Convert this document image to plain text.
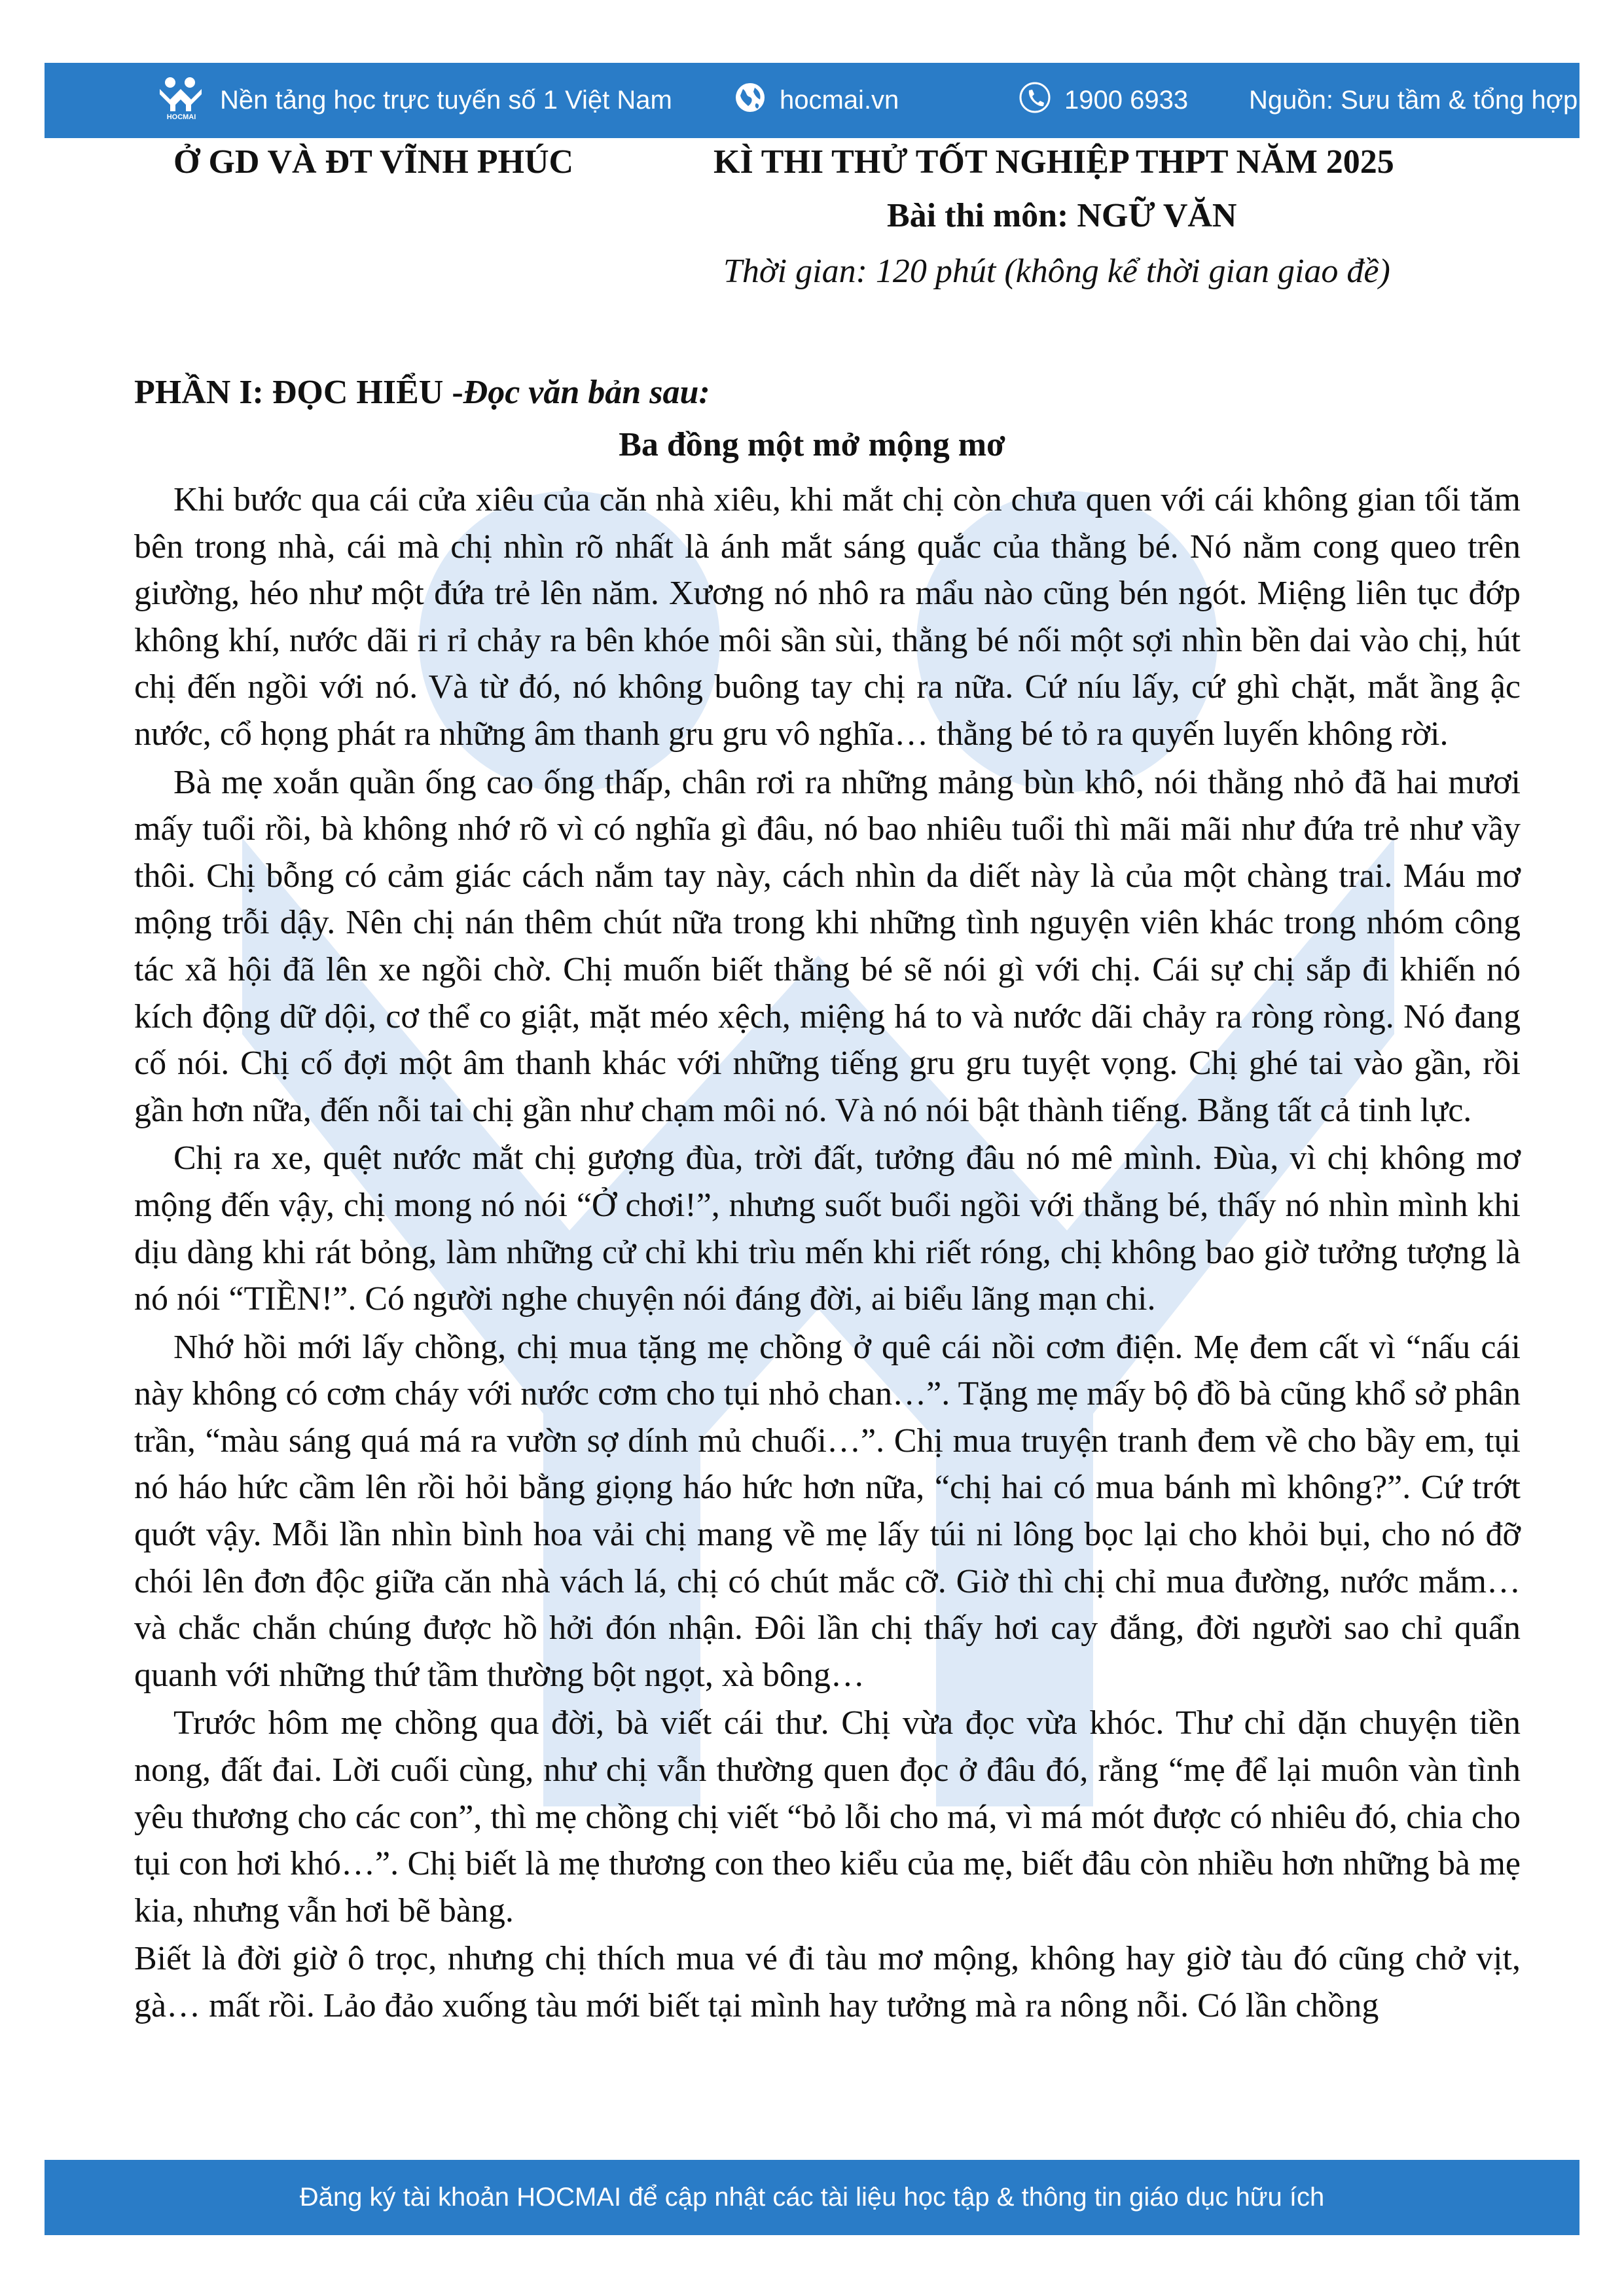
HOCMAI
Nền tảng học trực tuyến số 1 Việt Nam	hocmai.vn	1900 6933 Nguồn: Sưu tầm & tổng hợp
Ở GD VÀ ĐT VĨNH PHÚC	KÌ THI THỬ TỐT NGHIỆP THPT NĂM 2025
Bài thi môn: NGỮ VĂN
Thời gian: 120 phút (không kể thời gian giao đề)
PHẦN I: ĐỌC HIỂU -Đọc văn bản sau:
Ba đồng một mở mộng mơ

Khi bước qua cái cửa xiêu của căn nhà xiêu, khi mắt chị còn chưa quen với cái không gian tối tăm bên trong nhà, cái mà chị nhìn rõ nhất là ánh mắt sáng quắc của thằng bé. Nó nằm cong queo trên giường, héo như một đứa trẻ lên năm. Xương nó nhô ra mẩu nào cũng bén ngót. Miệng liên tục đớp không khí, nước dãi ri rỉ chảy ra bên khóe môi sần sùi, thằng bé nối một sợi nhìn bền dai vào chị, hút chị đến ngồi với nó. Và từ đó, nó không buông tay chị ra nữa. Cứ níu lấy, cứ ghì chặt, mắt ầng ậc nước, cổ họng phát ra những âm thanh gru gru vô nghĩa… thằng bé tỏ ra quyến luyến không rời.

Bà mẹ xoắn quần ống cao ống thấp, chân rơi ra những mảng bùn khô, nói thằng nhỏ đã hai mươi mấy tuổi rồi, bà không nhớ rõ vì có nghĩa gì đâu, nó bao nhiêu tuổi thì mãi mãi như đứa trẻ như vầy thôi. Chị bỗng có cảm giác cách nắm tay này, cách nhìn da diết này là của một chàng trai. Máu mơ mộng trỗi dậy. Nên chị nán thêm chút nữa trong khi những tình nguyện viên khác trong nhóm công tác xã hội đã lên xe ngồi chờ. Chị muốn biết thằng bé sẽ nói gì với chị. Cái sự chị sắp đi khiến nó kích động dữ dội, cơ thể co giật, mặt méo xệch, miệng há to và nước dãi chảy ra ròng ròng. Nó đang cố nói. Chị cố đợi một âm thanh khác với những tiếng gru gru tuyệt vọng. Chị ghé tai vào gần, rồi gần hơn nữa, đến nỗi tai chị gần như chạm môi nó. Và nó nói bật thành tiếng. Bằng tất cả tinh lực.

Chị ra xe, quệt nước mắt chị gượng đùa, trời đất, tưởng đâu nó mê mình. Đùa, vì chị không mơ mộng đến vậy, chị mong nó nói “Ở chơi!”, nhưng suốt buổi ngồi với thằng bé, thấy nó nhìn mình khi dịu dàng khi rát bỏng, làm những cử chỉ khi trìu mến khi riết róng, chị không bao giờ tưởng tượng là nó nói “TIỀN!”. Có người nghe chuyện nói đáng đời, ai biểu lãng mạn chi.

Nhớ hồi mới lấy chồng, chị mua tặng mẹ chồng ở quê cái nồi cơm điện. Mẹ đem cất vì “nấu cái này không có cơm cháy với nước cơm cho tụi nhỏ chan…”. Tặng mẹ mấy bộ đồ bà cũng khổ sở phân trần, “màu sáng quá má ra vườn sợ dính mủ chuối…”. Chị mua truyện tranh đem về cho bầy em, tụi nó háo hức cầm lên rồi hỏi bằng giọng háo hức hơn nữa, “chị hai có mua bánh mì không?”. Cứ trớt quớt vậy. Mỗi lần nhìn bình hoa vải chị mang về mẹ lấy túi ni lông bọc lại cho khỏi bụi, cho nó đỡ chói lên đơn độc giữa căn nhà vách lá, chị có chút mắc cỡ. Giờ thì chị chỉ mua đường, nước mắm… và chắc chắn chúng được hồ hởi đón nhận. Đôi lần chị thấy hơi cay đắng, đời người sao chỉ quẩn quanh với những thứ tầm thường bột ngọt, xà bông…

Trước hôm mẹ chồng qua đời, bà viết cái thư. Chị vừa đọc vừa khóc. Thư chỉ dặn chuyện tiền nong, đất đai. Lời cuối cùng, như chị vẫn thường quen đọc ở đâu đó, rằng “mẹ để lại muôn vàn tình yêu thương cho các con”, thì mẹ chồng chị viết “bỏ lỗi cho má, vì má mót được có nhiêu đó, chia cho tụi con hơi khó…”. Chị biết là mẹ thương con theo kiểu của mẹ, biết đâu còn nhiều hơn những bà mẹ kia, nhưng vẫn hơi bẽ bàng.

Biết là đời giờ ô trọc, nhưng chị thích mua vé đi tàu mơ mộng, không hay giờ tàu đó cũng chở vịt, gà… mất rồi. Lảo đảo xuống tàu mới biết tại mình hay tưởng mà ra nông nỗi. Có lần chồng

Đăng ký tài khoản HOCMAI để cập nhật các tài liệu học tập & thông tin giáo dục hữu ích
